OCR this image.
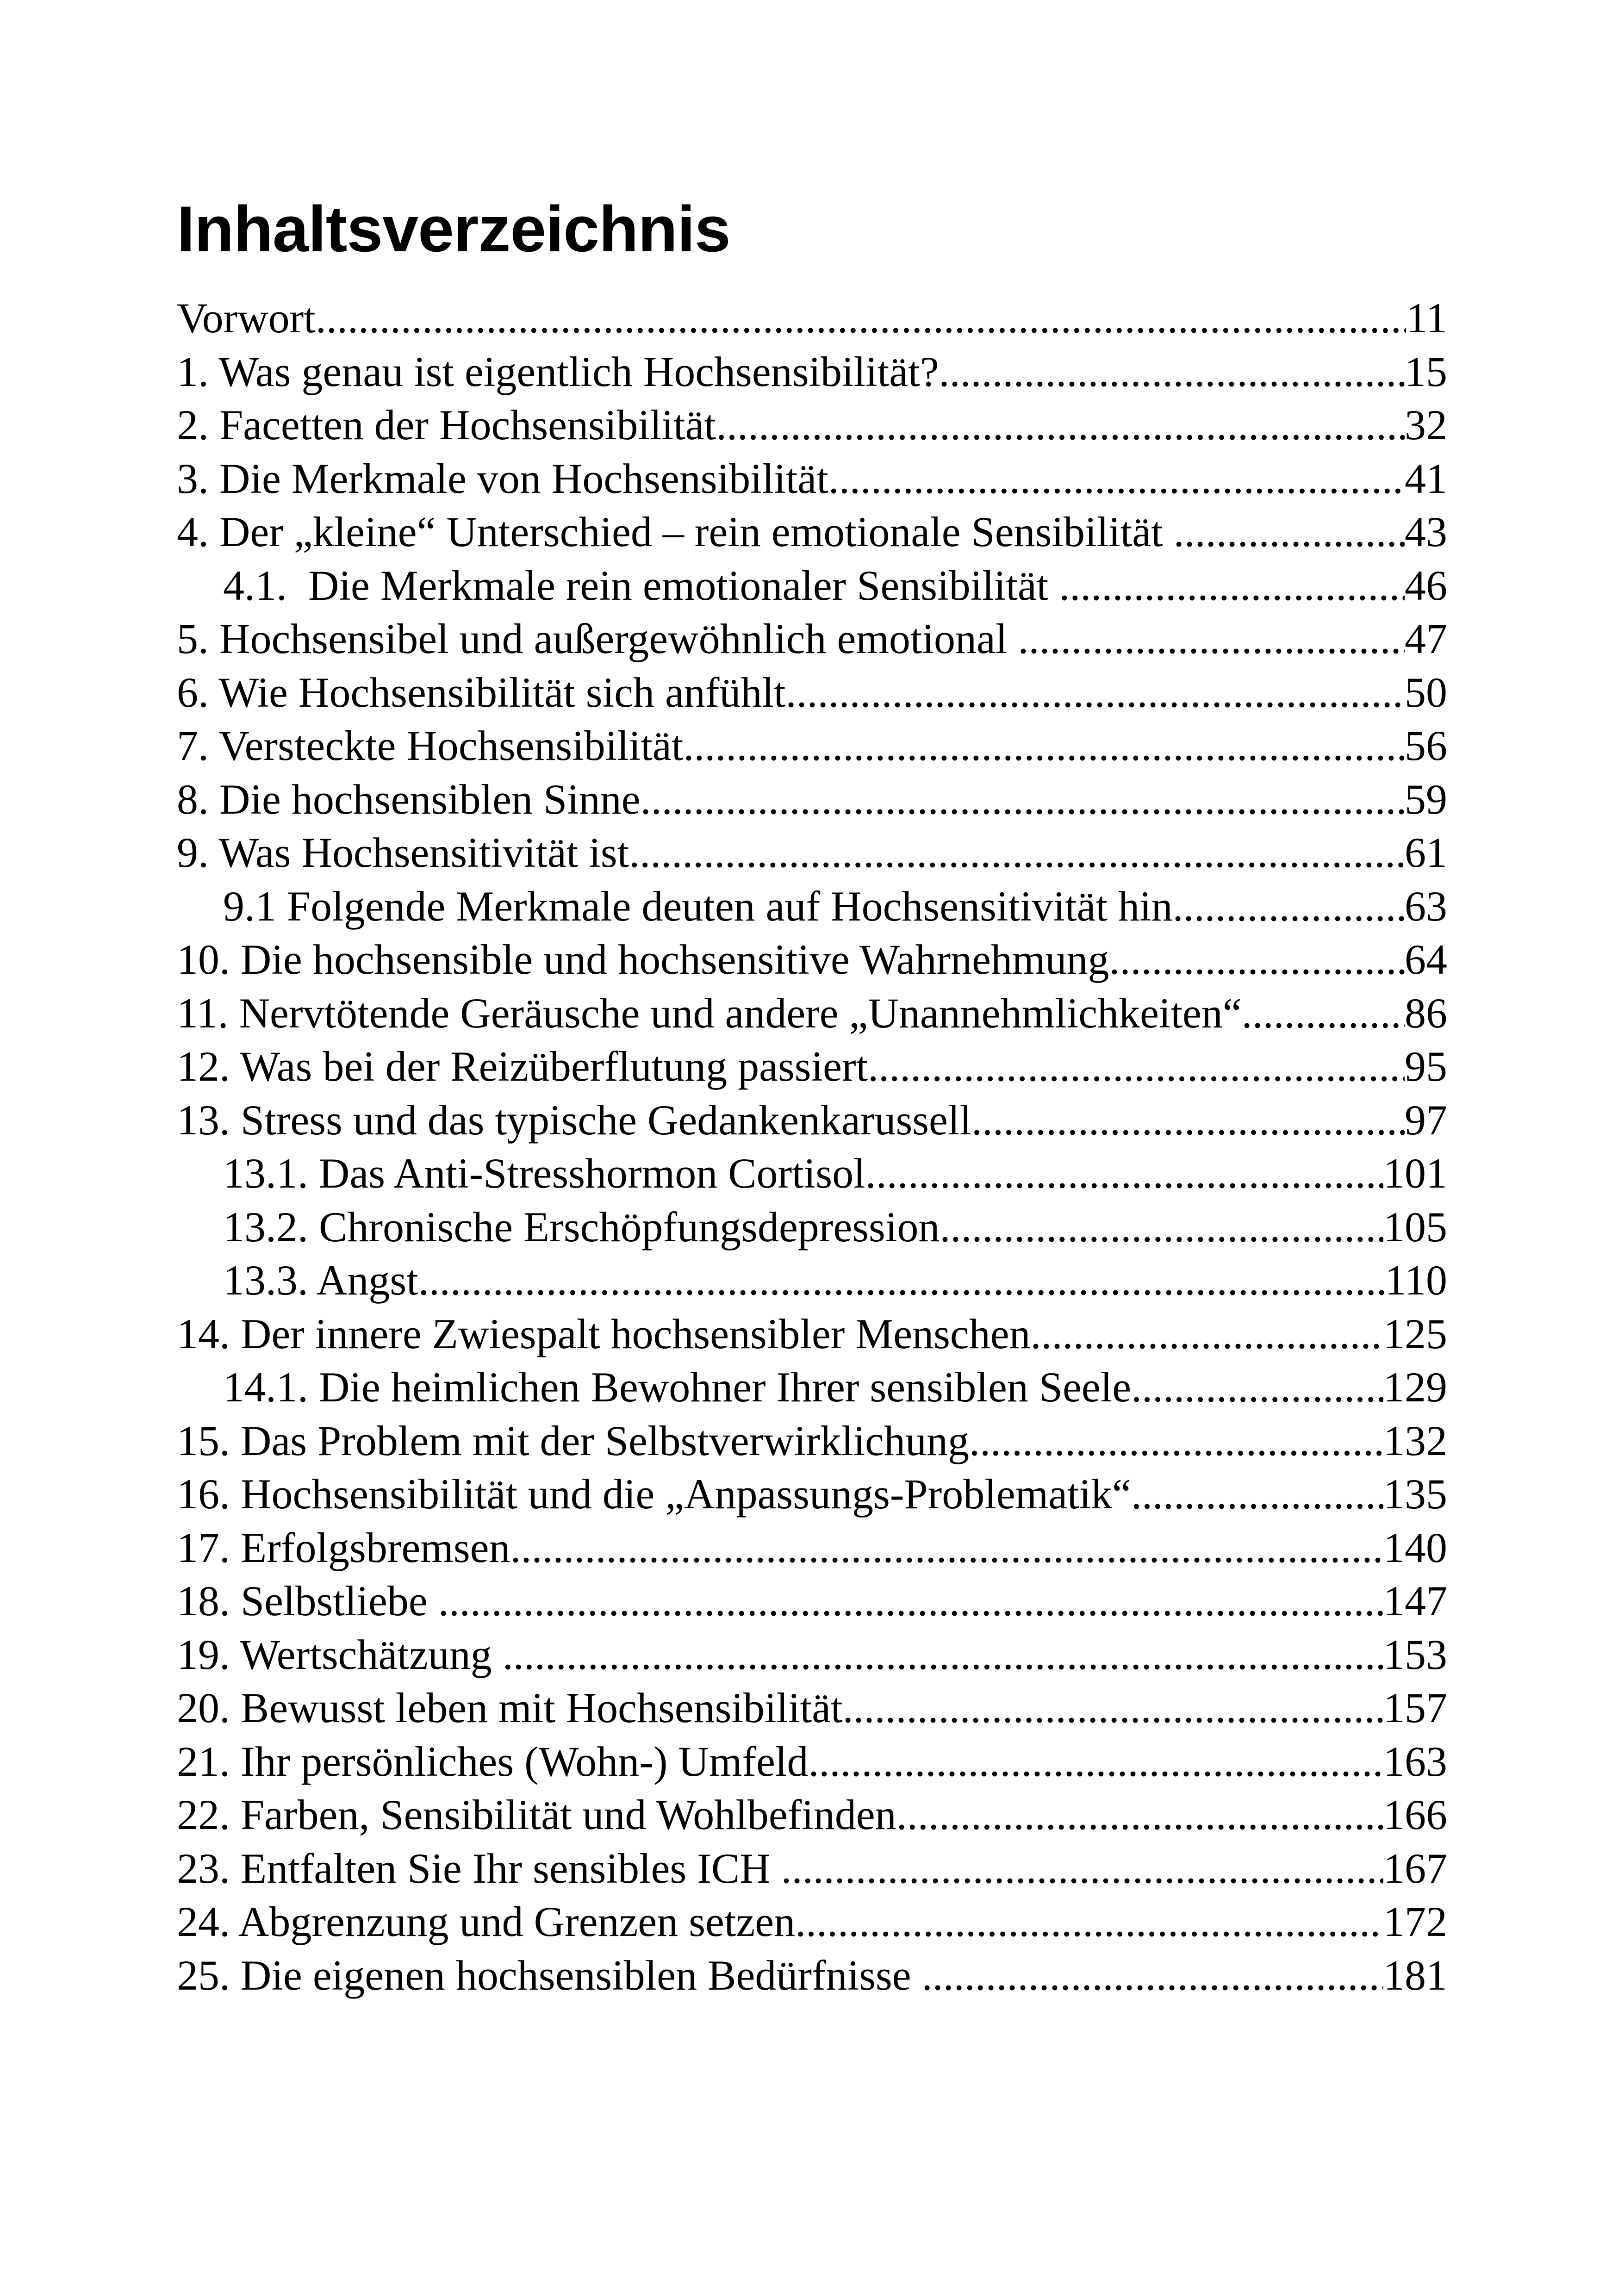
Inhaltsverzeichnis
Vorwort .....	11
1. Was genau ist eigentlich Hochsensibilität? .....	15
2. Facetten der Hochsensibilität .....	32
3. Die Merkmale von Hochsensibilität .....	41
4. Der „kleine“ Unterschied – rein emotionale Sensibilität .....	43
4.1.  Die Merkmale rein emotionaler Sensibilität .....	46
5. Hochsensibel und außergewöhnlich emotional .....	47
6. Wie Hochsensibilität sich anfühlt .....	50
7. Versteckte Hochsensibilität .....	56
8. Die hochsensiblen Sinne .....	59
9. Was Hochsensitivität ist .....	61
9.1 Folgende Merkmale deuten auf Hochsensitivität hin .....	63
10. Die hochsensible und hochsensitive Wahrnehmung .....	64
11. Nervtötende Geräusche und andere „Unannehmlichkeiten“ .....	86
12. Was bei der Reizüberflutung passiert .....	95
13. Stress und das typische Gedankenkarussell .....	97
13.1. Das Anti-Stresshormon Cortisol .....	101
13.2. Chronische Erschöpfungsdepression .....	105
13.3. Angst .....	110
14. Der innere Zwiespalt hochsensibler Menschen .....	125
14.1. Die heimlichen Bewohner Ihrer sensiblen Seele .....	129
15. Das Problem mit der Selbstverwirklichung .....	132
16. Hochsensibilität und die „Anpassungs-Problematik“ .....	135
17. Erfolgsbremsen .....	140
18. Selbstliebe .....	147
19. Wertschätzung .....	153
20. Bewusst leben mit Hochsensibilität .....	157
21. Ihr persönliches (Wohn-) Umfeld .....	163
22. Farben, Sensibilität und Wohlbefinden .....	166
23. Entfalten Sie Ihr sensibles ICH .....	167
24. Abgrenzung und Grenzen setzen .....	172
25. Die eigenen hochsensiblen Bedürfnisse .....	181
